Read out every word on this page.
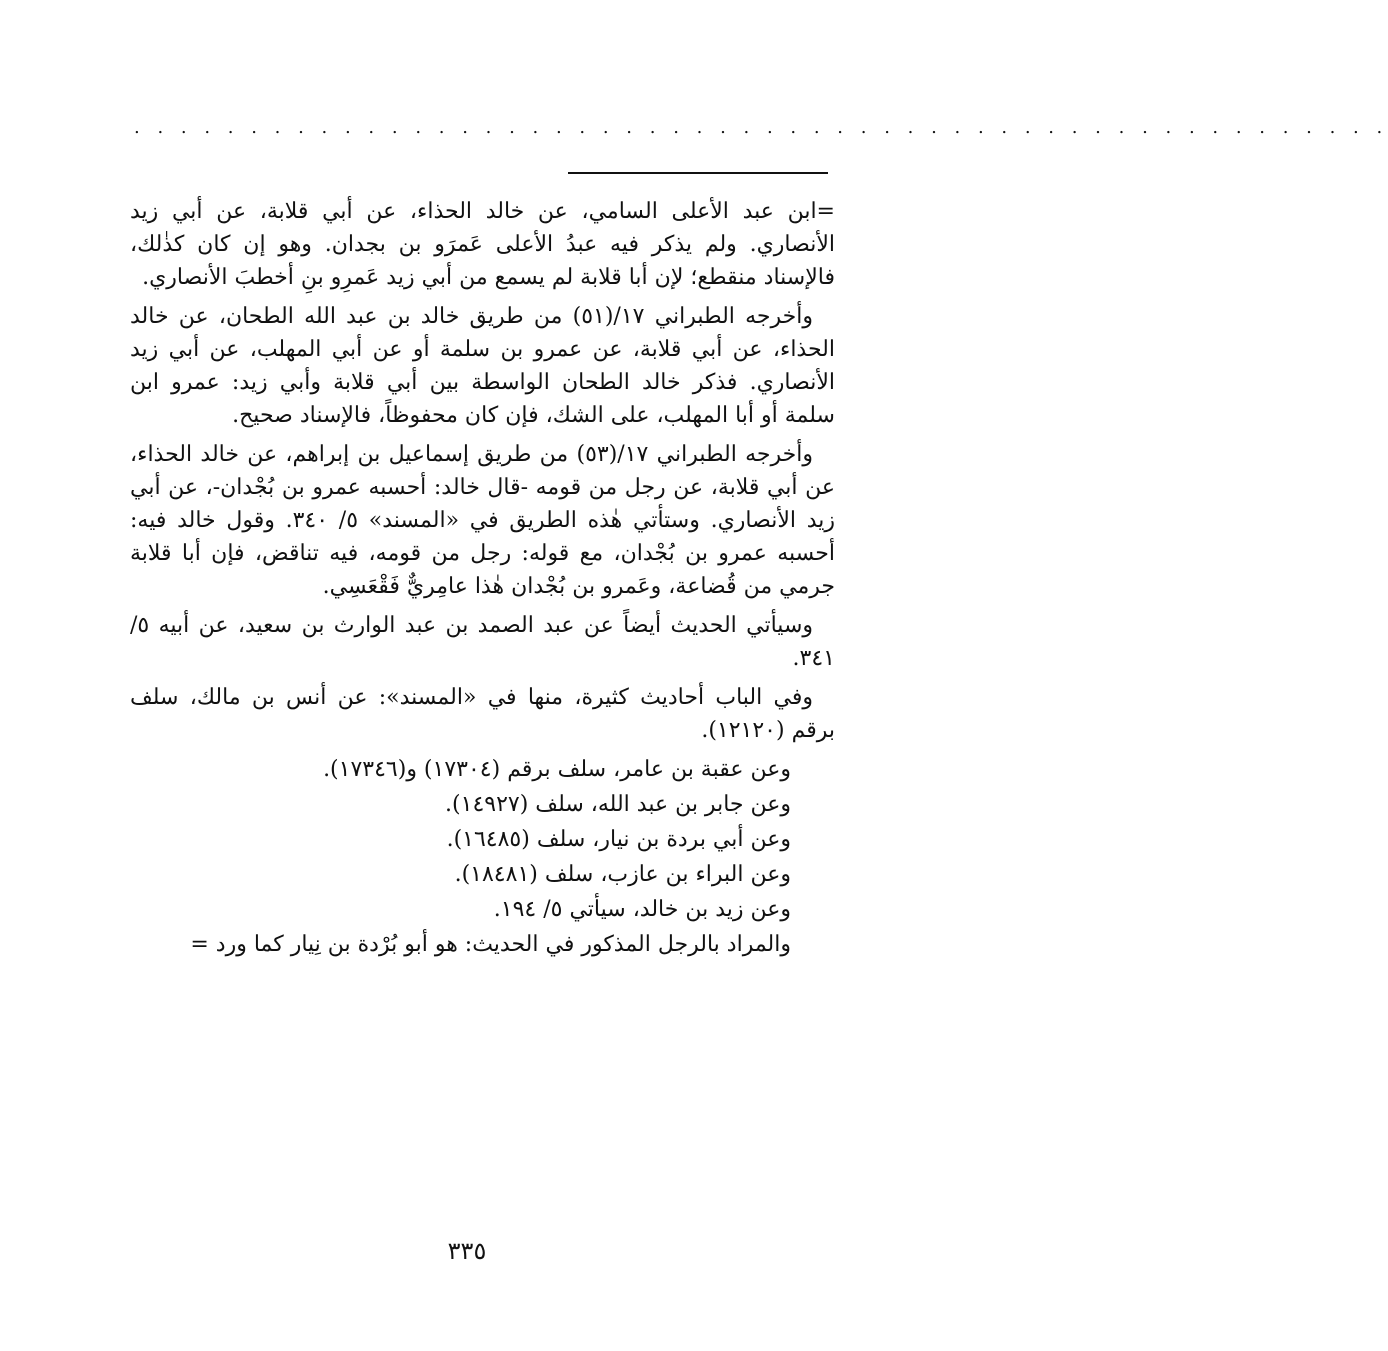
. . . . . . . . . . . . . . . . . . . . . . . . . . . . . . . . . . . . . . . . . . . . . . . . . . . . . .

=ابن عبد الأعلى السامي، عن خالد الحذاء، عن أبي قلابة، عن أبي زيد الأنصاري. ولم يذكر فيه عبدُ الأعلى عَمرَو بن بجدان. وهو إن كان كذٰلك، فالإسناد منقطع؛ لإن أبا قلابة لم يسمع من أبي زيد عَمرِو بنِ أخطبَ الأنصاري.

وأخرجه الطبراني ١٧/(٥١) من طريق خالد بن عبد الله الطحان، عن خالد الحذاء، عن أبي قلابة، عن عمرو بن سلمة أو عن أبي المهلب، عن أبي زيد الأنصاري. فذكر خالد الطحان الواسطة بين أبي قلابة وأبي زيد: عمرو ابن سلمة أو أبا المهلب، على الشك، فإن كان محفوظاً، فالإسناد صحيح.

وأخرجه الطبراني ١٧/(٥٣) من طريق إسماعيل بن إبراهم، عن خالد الحذاء، عن أبي قلابة، عن رجل من قومه -قال خالد: أحسبه عمرو بن بُجْدان-، عن أبي زيد الأنصاري. وستأتي هٰذه الطريق في «المسند» ٥/ ٣٤٠. وقول خالد فيه: أحسبه عمرو بن بُجْدان، مع قوله: رجل من قومه، فيه تناقض، فإن أبا قلابة جرمي من قُضاعة، وعَمرو بن بُجْدان هٰذا عامِريٌّ فَقْعَسِي.

وسيأتي الحديث أيضاً عن عبد الصمد بن عبد الوارث بن سعيد، عن أبيه ٥/ ٣٤١.

وفي الباب أحاديث كثيرة، منها في «المسند»: عن أنس بن مالك، سلف برقم (١٢١٢٠).

وعن عقبة بن عامر، سلف برقم (١٧٣٠٤) و(١٧٣٤٦).

وعن جابر بن عبد الله، سلف (١٤٩٢٧).

وعن أبي بردة بن نيار، سلف (١٦٤٨٥).

وعن البراء بن عازب، سلف (١٨٤٨١).

وعن زيد بن خالد، سيأتي ٥/ ١٩٤.

والمراد بالرجل المذكور في الحديث: هو أبو بُرْدة بن نِيار كما ورد =

٣٣٥
